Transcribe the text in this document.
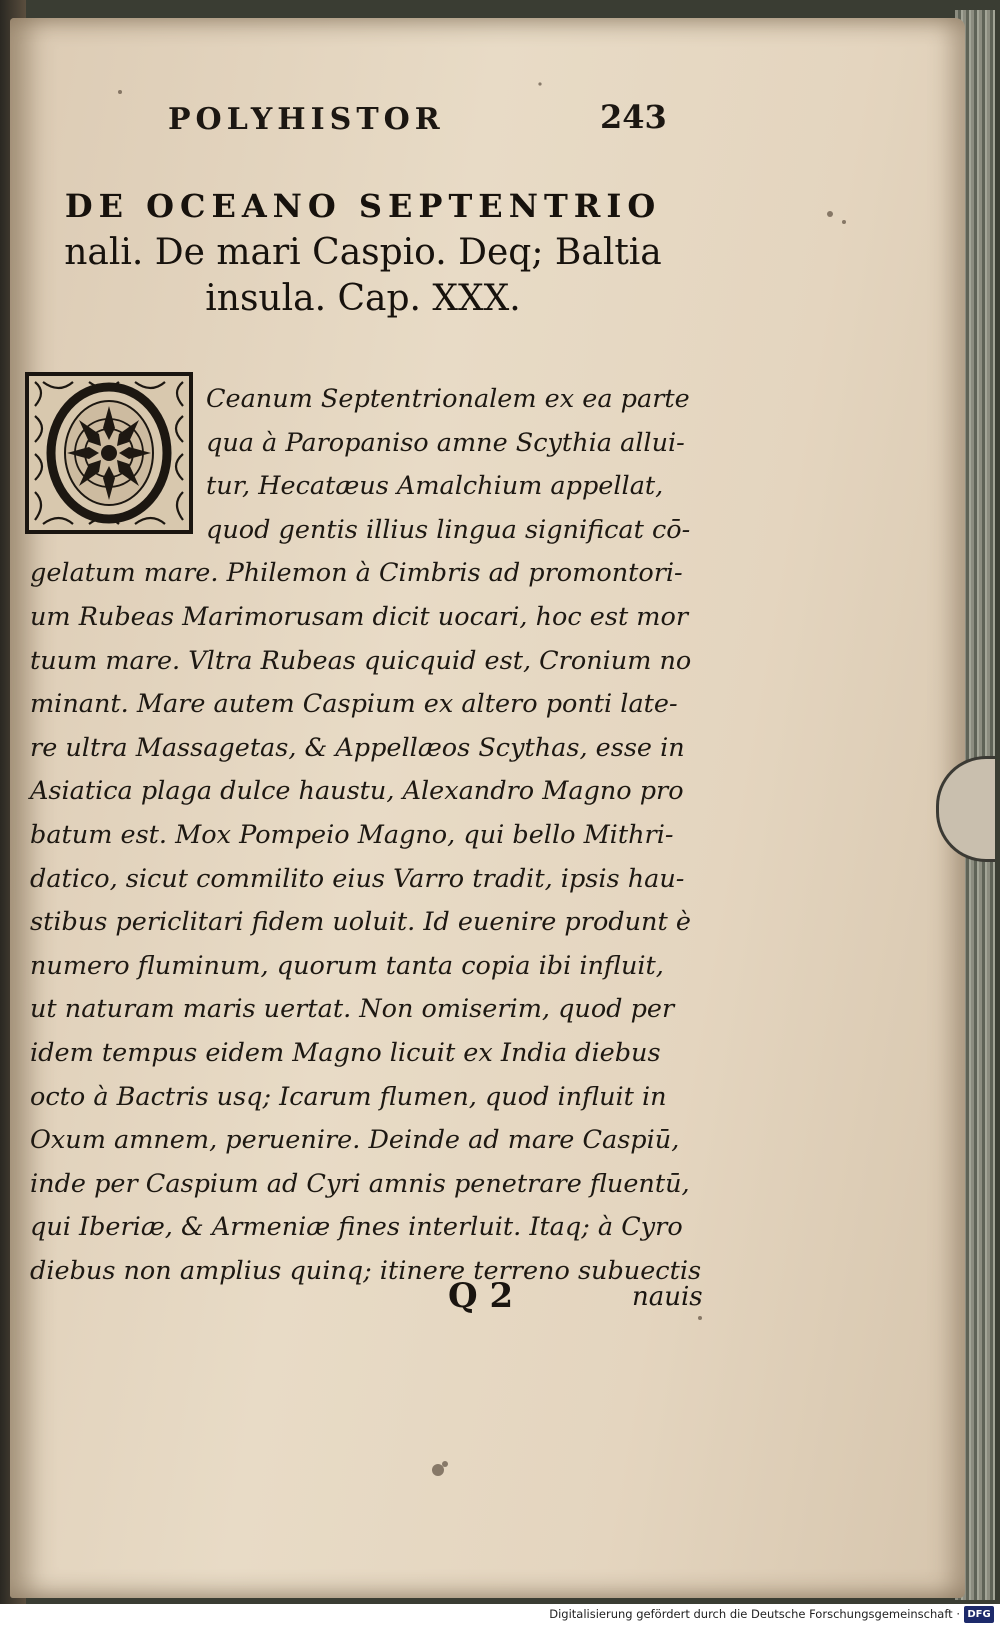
POLYHISTOR	243
DE OCEANO SEPTENTRIO
nali. De mari Caspio. Deq; Baltia
insula. Cap. XXX.
Ceanum Septentrionalem ex ea parte
qua à Paropaniso amne Scythia allui-
tur, Hecatæus Amalchium appellat,
quod gentis illius lingua significat cō-
gelatum mare. Philemon à Cimbris ad promontori-
um Rubeas Marimorusam dicit uocari, hoc est mor
tuum mare. Vltra Rubeas quicquid est, Cronium no
minant. Mare autem Caspium ex altero ponti late-
re ultra Massagetas, & Appellæos Scythas, esse in
Asiatica plaga dulce haustu, Alexandro Magno pro
batum est. Mox Pompeio Magno, qui bello Mithri-
datico, sicut commilito eius Varro tradit, ipsis hau-
stibus periclitari fidem uoluit. Id euenire produnt è
numero fluminum, quorum tanta copia ibi influit,
ut naturam maris uertat. Non omiserim, quod per
idem tempus eidem Magno licuit ex India diebus
octo à Bactris usq; Icarum flumen, quod influit in
Oxum amnem, peruenire. Deinde ad mare Caspiū,
inde per Caspium ad Cyri amnis penetrare fluentū,
qui Iberiæ, & Armeniæ fines interluit. Itaq; à Cyro
diebus non amplius quinq; itinere terreno subuectis
Q 2	nauis
Digitalisierung gefördert durch die Deutsche Forschungsgemeinschaft · DFG
